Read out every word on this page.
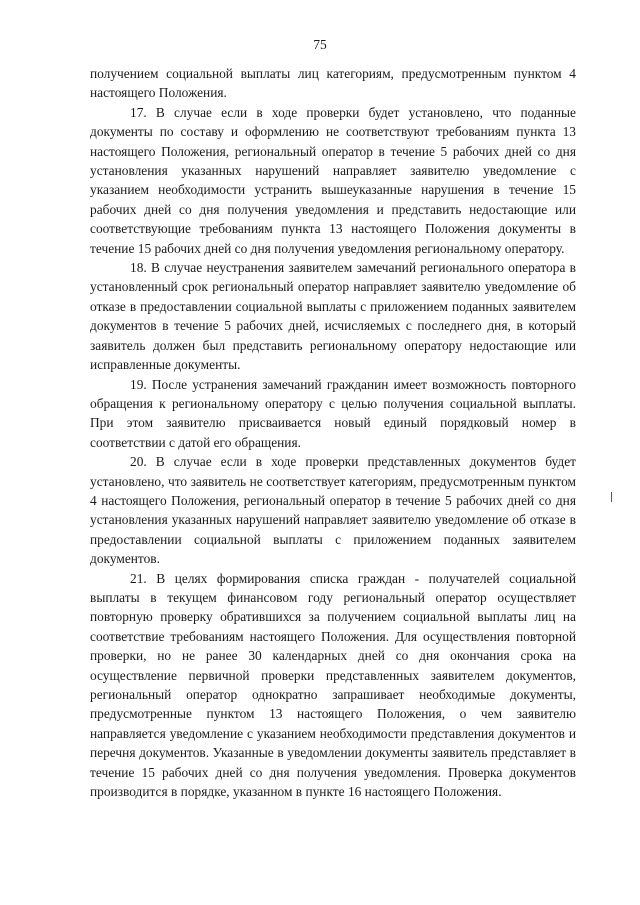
75

получением социальной выплаты лиц категориям, предусмотренным пунктом 4 настоящего Положения.

17. В случае если в ходе проверки будет установлено, что поданные документы по составу и оформлению не соответствуют требованиям пункта 13 настоящего Положения, региональный оператор в течение 5 рабочих дней со дня установления указанных нарушений направляет заявителю уведомление с указанием необходимости устранить вышеуказанные нарушения в течение 15 рабочих дней со дня получения уведомления и представить недостающие или соответствующие требованиям пункта 13 настоящего Положения документы в течение 15 рабочих дней со дня получения уведомления региональному оператору.

18. В случае неустранения заявителем замечаний регионального оператора в установленный срок региональный оператор направляет заявителю уведомление об отказе в предоставлении социальной выплаты с приложением поданных заявителем документов в течение 5 рабочих дней, исчисляемых с последнего дня, в который заявитель должен был представить региональному оператору недостающие или исправленные документы.

19. После устранения замечаний гражданин имеет возможность повторного обращения к региональному оператору с целью получения социальной выплаты. При этом заявителю присваивается новый единый порядковый номер в соответствии с датой его обращения.

20. В случае если в ходе проверки представленных документов будет установлено, что заявитель не соответствует категориям, предусмотренным пунктом 4 настоящего Положения, региональный оператор в течение 5 рабочих дней со дня установления указанных нарушений направляет заявителю уведомление об отказе в предоставлении социальной выплаты с приложением поданных заявителем документов.

21. В целях формирования списка граждан - получателей социальной выплаты в текущем финансовом году региональный оператор осуществляет повторную проверку обратившихся за получением социальной выплаты лиц на соответствие требованиям настоящего Положения. Для осуществления повторной проверки, но не ранее 30 календарных дней со дня окончания срока на осуществление первичной проверки представленных заявителем документов, региональный оператор однократно запрашивает необходимые документы, предусмотренные пунктом 13 настоящего Положения, о чем заявителю направляется уведомление с указанием необходимости представления документов и перечня документов. Указанные в уведомлении документы заявитель представляет в течение 15 рабочих дней со дня получения уведомления. Проверка документов производится в порядке, указанном в пункте 16 настоящего Положения.
